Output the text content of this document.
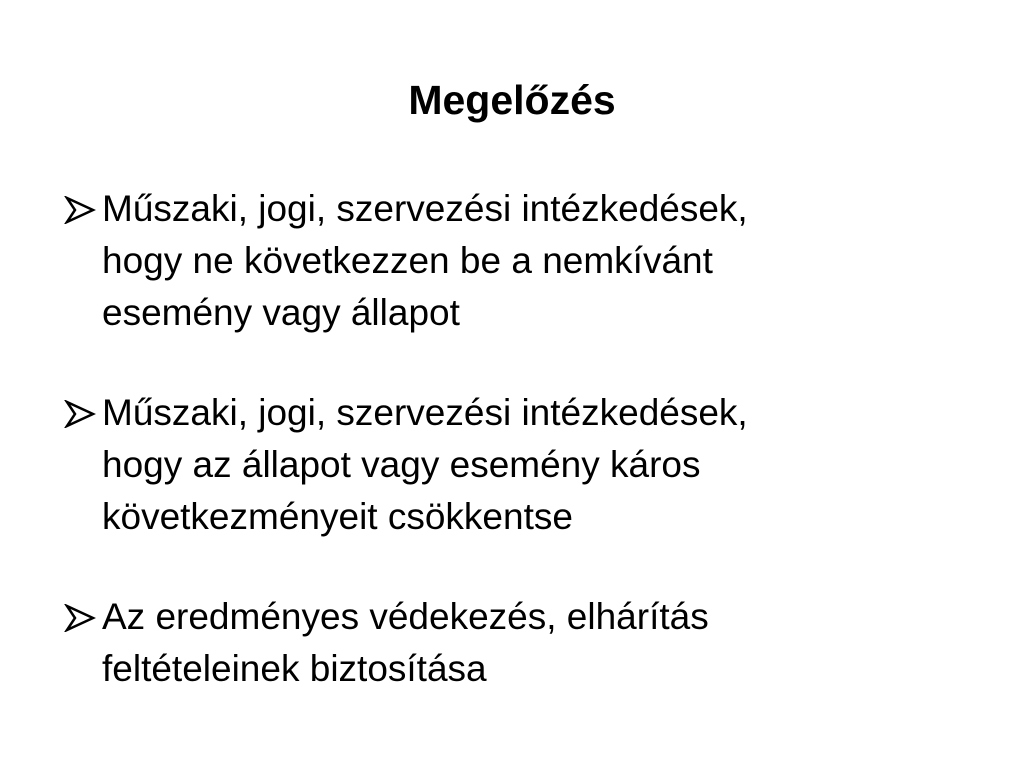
Megelőzés
Műszaki, jogi, szervezési intézkedések,
hogy ne következzen be a nemkívánt
esemény vagy állapot
Műszaki, jogi, szervezési intézkedések,
hogy az állapot vagy esemény káros
következményeit csökkentse
Az eredményes védekezés, elhárítás
feltételeinek biztosítása
